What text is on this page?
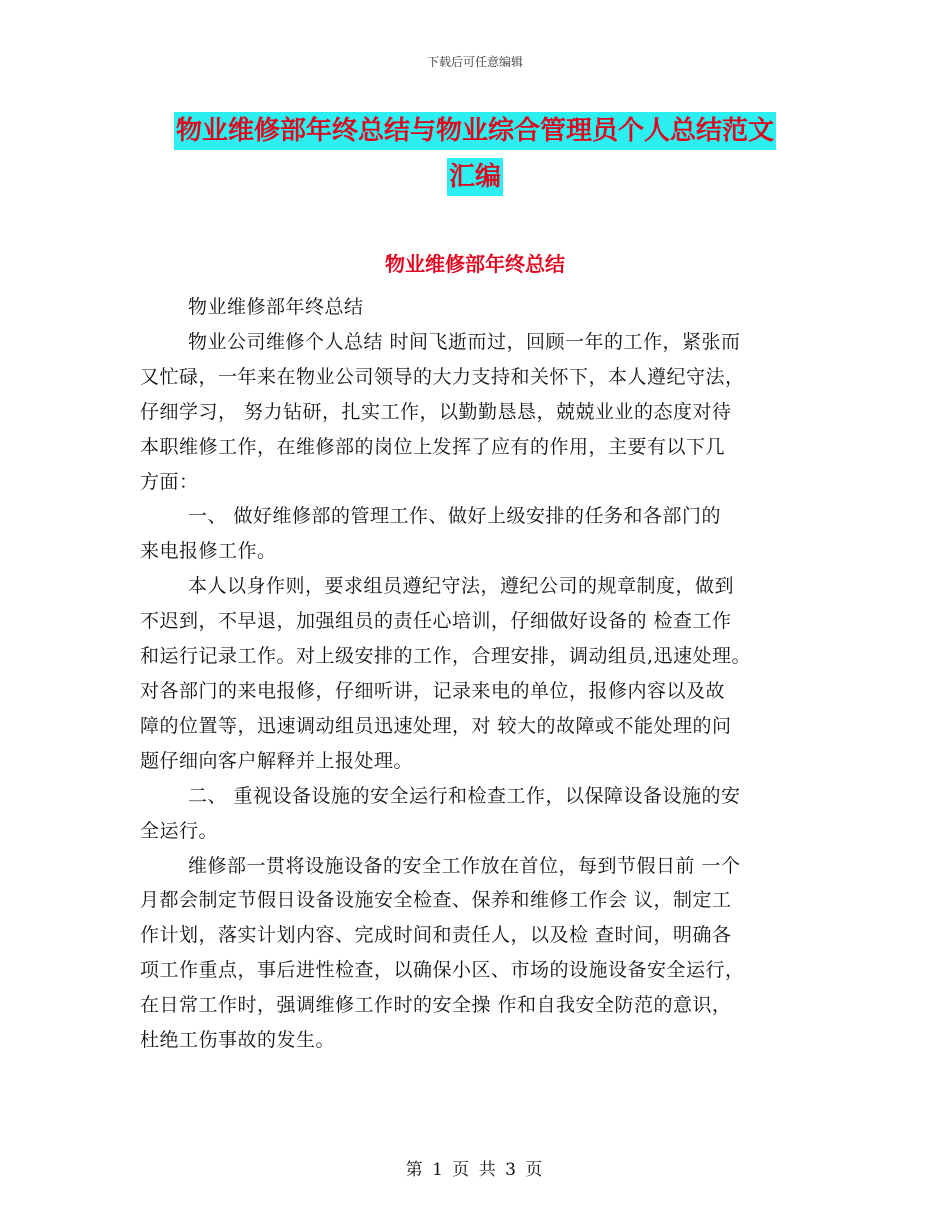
下载后可任意编辑
物业维修部年终总结与物业综合管理员个人总结范文
汇编
物业维修部年终总结

物业维修部年终总结

物业公司维修个人总结 时间飞逝而过，回顾一年的工作，紧张而

又忙碌，一年来在物业公司领导的大力支持和关怀下，本人遵纪守法，

仔细学习， 努力钻研，扎实工作，以勤勤恳恳，兢兢业业的态度对待

本职维修工作，在维修部的岗位上发挥了应有的作用，主要有以下几

方面：

一、 做好维修部的管理工作、做好上级安排的任务和各部门的

来电报修工作。

本人以身作则，要求组员遵纪守法，遵纪公司的规章制度，做到

不迟到，不早退，加强组员的责任心培训，仔细做好设备的 检查工作

和运行记录工作。对上级安排的工作，合理安排，调动组员,迅速处理。

对各部门的来电报修，仔细听讲，记录来电的单位，报修内容以及故

障的位置等，迅速调动组员迅速处理，对 较大的故障或不能处理的问

题仔细向客户解释并上报处理。

二、 重视设备设施的安全运行和检查工作，以保障设备设施的安

全运行。

维修部一贯将设施设备的安全工作放在首位，每到节假日前 一个

月都会制定节假日设备设施安全检查、保养和维修工作会 议，制定工

作计划，落实计划内容、完成时间和责任人，以及检 查时间，明确各

项工作重点，事后进性检查，以确保小区、市场的设施设备安全运行，

在日常工作时，强调维修工作时的安全操 作和自我安全防范的意识，

杜绝工伤事故的发生。

第 1 页 共 3 页
